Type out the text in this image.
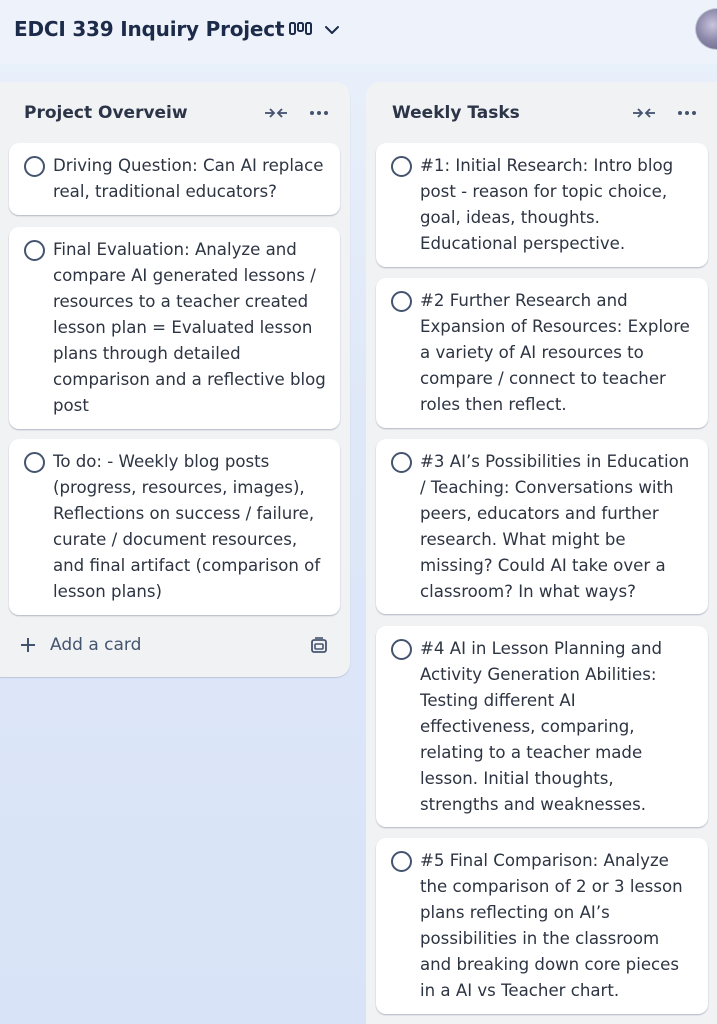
EDCI 339 Inquiry Project
Project Overveiw
Driving Question: Can AI replace real, traditional educators?
Final Evaluation: Analyze and compare AI generated lessons / resources to a teacher created lesson plan = Evaluated lesson plans through detailed comparison and a reflective blog post
To do: - Weekly blog posts (progress, resources, images), Reflections on success / failure, curate / document resources, and final artifact (comparison of lesson plans)
Add a card
Weekly Tasks
#1: Initial Research: Intro blog post - reason for topic choice, goal, ideas, thoughts. Educational perspective.
#2 Further Research and Expansion of Resources: Explore a variety of AI resources to compare / connect to teacher roles then reflect.
#3 AI’s Possibilities in Education / Teaching: Conversations with peers, educators and further research. What might be missing? Could AI take over a classroom? In what ways?
#4 AI in Lesson Planning and Activity Generation Abilities: Testing different AI effectiveness, comparing, relating to a teacher made lesson. Initial thoughts, strengths and weaknesses.
#5 Final Comparison: Analyze the comparison of 2 or 3 lesson plans reflecting on AI’s possibilities in the classroom and breaking down core pieces in a AI vs Teacher chart.
